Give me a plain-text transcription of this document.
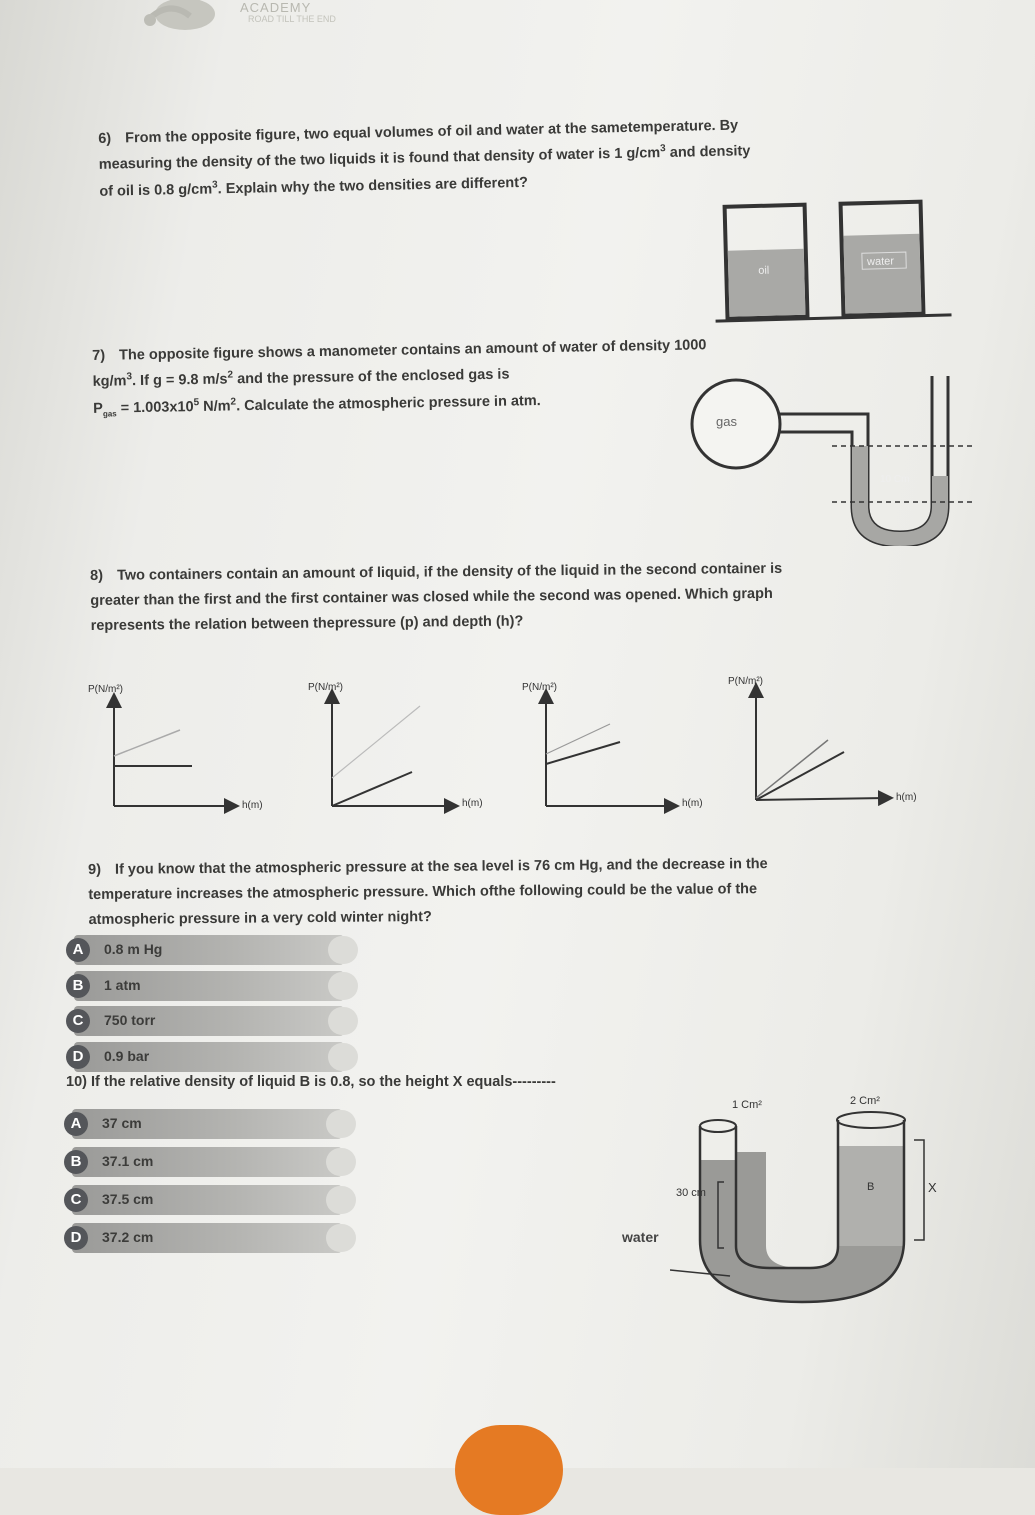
ACADEMY
ROAD TILL THE END
6) From the opposite figure, two equal volumes of oil and water at the sametemperature. By
measuring the density of the two liquids it is found that density of water is 1 $g/cm^3$ and density
of oil is 0.8 $g/cm^3$. Explain why the two densities are different?
oil
water
7) The opposite figure shows a manometer contains an amount of water of density 1000
$kg/m^3$. If g = 9.8 $m/s^2$ and the pressure of the enclosed gas is
$P_{gas} = 1.003x10^5$ $N/m^2$. Calculate the atmospheric pressure in atm.
gas
10 Cm
8) Two containers contain an amount of liquid, if the density of the liquid in the second container is
greater than the first and the first container was closed while the second was opened. Which graph
represents the relation between thepressure (p) and depth (h)?
P(N/m²)
h(m)
P(N/m²)
h(m)
P(N/m²)
h(m)
P(N/m²)
h(m)
9) If you know that the atmospheric pressure at the sea level is 76 cm Hg, and the decrease in the
temperature increases the atmospheric pressure. Which ofthe following could be the value of the
atmospheric pressure in a very cold winter night?
A	0.8 m Hg
B	1 atm
C	750 torr
D	0.9 bar
10) If the relative density of liquid B is 0.8, so the height X equals---------
A	37 cm
B	37.1 cm
C	37.5 cm
D	37.2 cm
1 Cm²	2 Cm²
30 cm	X
B
water
